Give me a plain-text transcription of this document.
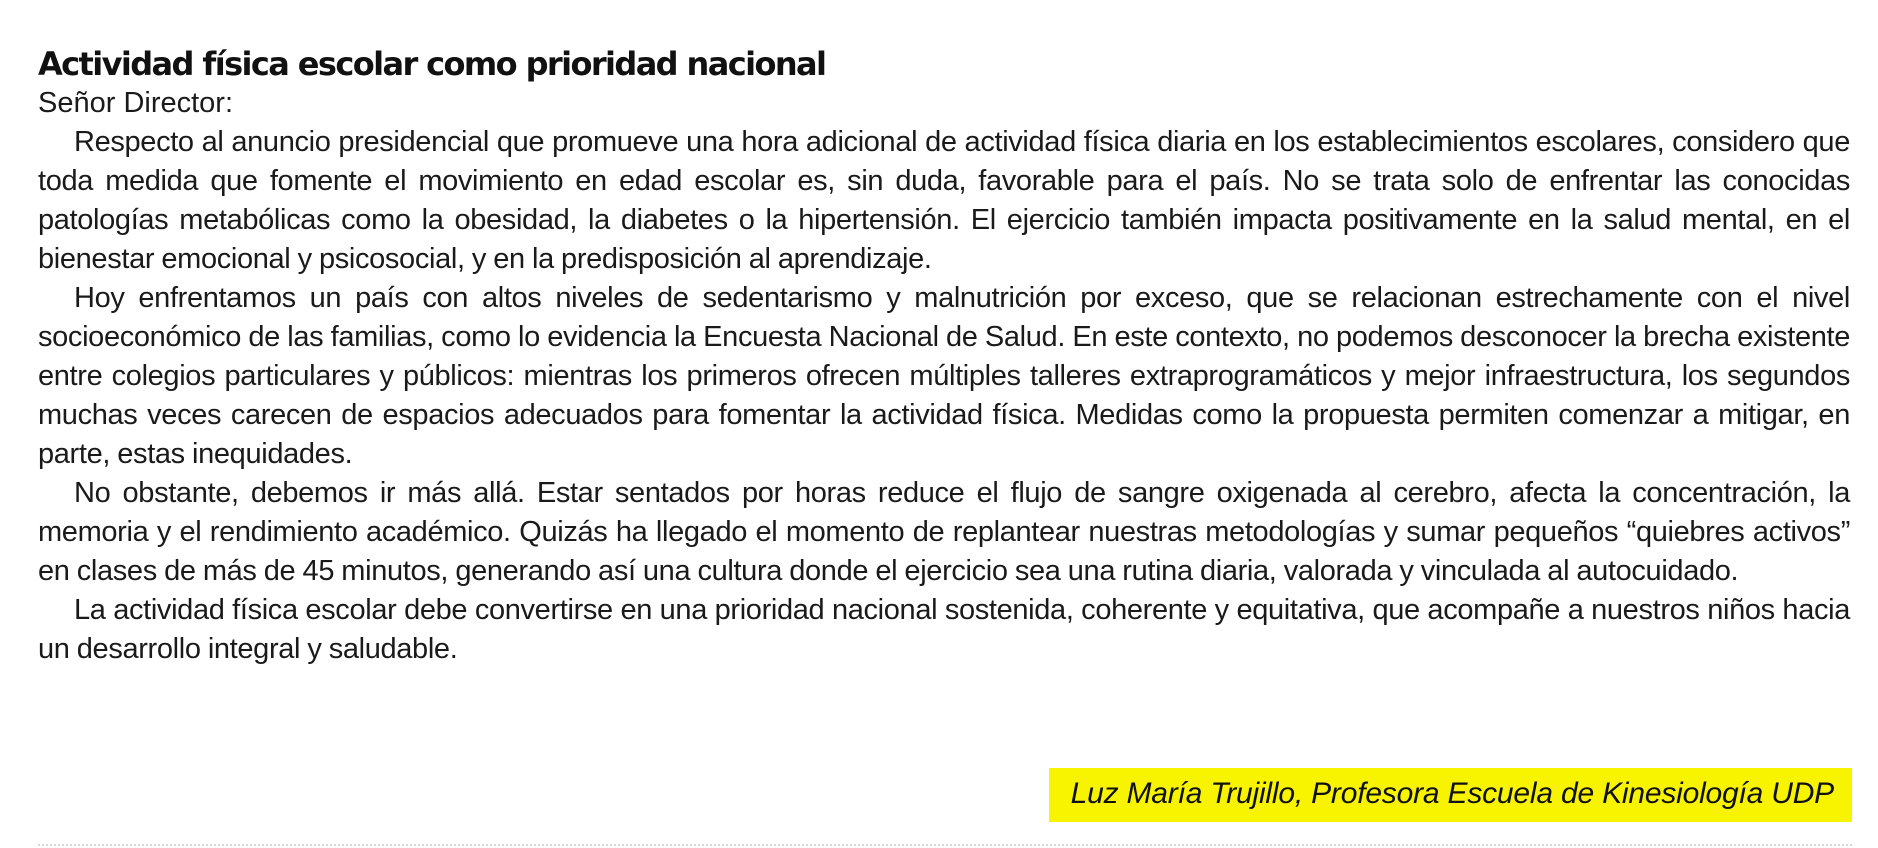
Actividad física escolar como prioridad nacional

Señor Director:

Respecto al anuncio presidencial que promueve una hora adicional de actividad física diaria en los establecimientos escolares, considero que toda medida que fomente el movimiento en edad escolar es, sin duda, favorable para el país. No se trata solo de enfrentar las conocidas patologías metabólicas como la obesidad, la diabetes o la hipertensión. El ejercicio también impacta positivamente en la salud mental, en el bienestar emocional y psicosocial, y en la predisposición al aprendizaje.

Hoy enfrentamos un país con altos niveles de sedentarismo y malnutrición por exceso, que se relacionan estrechamente con el nivel socioeconómico de las familias, como lo evidencia la Encuesta Nacional de Salud. En este contexto, no podemos desconocer la brecha existente entre colegios particulares y públicos: mientras los primeros ofrecen múltiples talleres extraprogramáticos y mejor infraestructura, los segundos muchas veces carecen de espacios adecuados para fomentar la actividad física. Medidas como la propuesta permiten comenzar a mitigar, en parte, estas inequidades.

No obstante, debemos ir más allá. Estar sentados por horas reduce el flujo de sangre oxigenada al cerebro, afecta la concentración, la memoria y el rendimiento académico. Quizás ha llegado el momento de replantear nuestras metodologías y sumar pequeños “quiebres activos” en clases de más de 45 minutos, generando así una cultura donde el ejercicio sea una rutina diaria, valorada y vinculada al autocuidado.

La actividad física escolar debe convertirse en una prioridad nacional sostenida, coherente y equitativa, que acompañe a nuestros niños hacia un desarrollo integral y saludable.

Luz María Trujillo, Profesora Escuela de Kinesiología UDP
